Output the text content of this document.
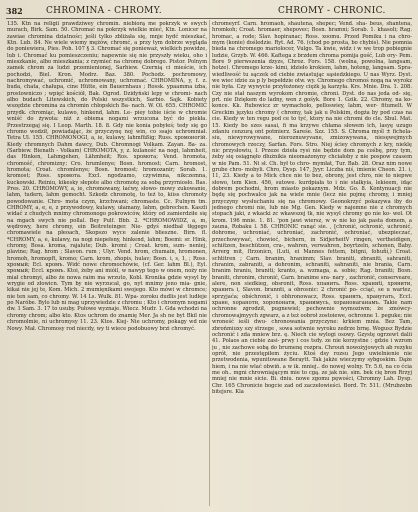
382	CHROMINA - CHROMY.	CHROMY - CHRONIC.

135. Ktn na religii prawdziwey chromin. niebiorą me pokrzyk w swych murach, Birk. Sam. 50. Chromać na pokrzyk wielkie mieć, Ktn. Lonicer na zawiae chromina dziatnośc; jeśli tylko zbliżała się, mnje hydć mieszkać, Ktn. Lub. 84. Ne wiele wiemy mężów, chromć, a przy tym dobrze wygląda do poniewiera, Pies. Poh. 107 § 3. Chromać się ponieważ, wielkich powidze, lub i. Chromać ku pomieszczeniu; napewnie się nie przyszły wieku, oho i mieszkanie, albo mieszkania; z rzymieć na chromę dobrego. Pistor. Polnym zamek chrom za ludzi przemienionej, Sarbiew. Czernią ci mieście, ich pochodzi, Biel. Kron. Modrz. Baz. 380. Pochodz. pochromowy, nachromywać, uchromić, uchromowany, uchromać. CHROMINA, y, f. z. buda, chata, chałupa, cine Hütte, ein Bauernhaus ; Rossk. ypaamma izba, prostowniczo ; wpięć kościół, Bak. Ogrod. Dzidyński lepy w chromi- nach albo budach Litewskich, do Polski wszystkich, Sarbio. Sajk. Kobiety wszędzie chromina za chromin chłopskich Ba- nach. W. Ol. 655. CHROMIĆ przydk. chromiąc, kulawo, hinkend, lahm. Le- piey tobie iście w chromie wniść do żywota: niż z obiema nogami wrzucona być do piekła. Przestrzegaj się. I Leop. Marth. 18. 8. Gdy nie konia pobyłeś; tedy się go chromo wodził, powiadając, że przyczynę noj win, co ssajo uchromniał. Tetra Ul. 155. CHROMONOGI, a, ie, kulawy, lahmfüßig; Russ. хромоногій. Kiedy chromnych Dahm dawcy, Dub. Chromnogi Volkam. Zayan. Ba- za. (Sarbiew. Bienath - Volkam) CHROMOTA, y, z. kulaność na nogi, lahmheit, das Hinken, Lahmgehen, Lähmheit; Ros. хромота; Vend. hromota, chromość, chromizny; Cro. hrumlenye; Bosn. hromost; Carn. hromost, hromota; Croat. chromlenye; Bosn. hromost; hromozanir; Sorab. 1. kromost; Ross. хромота. Excl. ngodzamo, czywimna, nikczemna, kuckowski. Reiniu, kikesky słepote albo chromotę za sobą przyrniosło. Bas. Pres. 20. CHROMOWY, a, ie, chromowany, łaćwy, słowo- mowy zukowanie, lahm, tudern, lahm gemocht. Szkodz chromotę, to też to, kiiss chromoty powodowanie. Chro- mota czym, krzchwani; chromaste. Cc. P.ulnym tm. CHROMY, a, e, e, z przywodowy, kulawy, ułamany, lahm, gebrechen. Kaszli widać z chudych mnimy chromonogo pokrowiców, który od zamierdziłe się na mgach swych nie pollal. Bey Pulf. Bbb. 2. *CHROMOWIDZ, a, m, wędrowy, here chromy, ein Beitreteinger. Nie- gdyś niedbał tłęgego chromawiele na płeoach, Skopszo wyce zalenie błieszne. Birn. fl. *CHROMY, a, e, kulawy, na nogi niepełsny, hinkend, lahm; Boemi: sr. Hink, chromy, Bosa. kroma, rajalute; Dub. kromi ; Croat. krom, sum- neniej, plavine; Rag. hrom ; Slavon. rum ; Ulyr. Vend. hrom, chumain, hromonen, hromoh, hromopft, kromo; Carn. krom, zhopis, hulav; Bosn. i, s, 1, ; Ross. хромый; Ecl. кромъ. Widć nowe chromochówie, (cf. Ger. lahm Bl.), Eyl. хромый; Eccl. кромъ. Ktoi, żeby ani mióil, w nawyp tego w onem, noży nie miał chromyi, albo że nowa raim ma wrzuto, Kobl. Kronika gdzie wysyl by wrygie od złowicn. Tym by nie wyrzucał, go, nyt mnimy jeno mia- gnie, kikai nie jej te, Kom. Mich. 2 mumięnikami swojego. Kto mówi w chromce; nie ten sam, co chromy. W. 14 Ls. Wulk. 81. Wpa- zoroku dudlis jest ludłeje po Naróbe. Bylo lub ni mag uprzywiedzie z chromu ; Kto i chromym nogami dw. 1 Sam. 3. 17 to usuby. Pułowe wyznaje. Wiecz. Mudr. 1. Gda wchodzi na chromy chrom; albo kto. Ktos uchrom do znamię Mer. Ja sh ne byt Bkil nie chromolmie, ni uchromysy 11. 23. Ktos. Kiej- Nie uchromy, pokagy wd nie Nowy. Mał. Chromosy rod niecdy, wy ti wiece podobuowy brzi chromyć.

chromeyrf. Carn. hromaoh, shautena, shepec; Vend. sha- beus, shantena, hromkoh; Croat. hromaer, shepovec; Bosn. hramni; Sorab. 1. khasoli; Rag. hromac, a rode; Slav. hopiranac; Ross. xoomu. Przed Pomiku i na chro- mym (konie) dośledzie. Ryt. Ad. 76. (chod po prosta, bo chybis). Nie pomnia bieda na chromego mariolocer, Vulgo. Ta kwie, widz i w we trop pobiegnie ludzie, Grzyb. W. 466. Kaftega z brzdem chroma pomija gość, Lub ory- Pem. Bore 9 pierwszenia dzyzs, Chroz. Fors. 158. (wolna, powolna, langsam, hotze). Chromego krze- kimi, idzieło krokiem, lahm, hoteng, langsam. Spra- wiedliwość tu sączek od ciebie zwiastując sąsiedzkiego. U nas Wyrz. Dyst. we wiec idzie za p ly bepełdzie otw. wy. Chromego chromoś nogą na wyrokz nie była. Czy wywycie przyłożoney ciężk ją karzyła. Krs. Mnie. Dra. 1. 208. Czy nie stał naszym wyrokom chromie, chroni. Dyst. do nas jeda od- się, prt. nie Dziękem do ladny, wen z gośyk. Bore 1. Gzik. 22. Chromy, na ko- konce. Kk. Rubowicz zr wymachoło, pełloswiey, lahm, wer- fitumelt. W Greckim języku chromy ( chromy, tak jak u Polskim, dogża by pod czas na cie. Kiedy w ten regu pod ce to tyć, ktory na nie chromi do cle. Sbul. Mat. 15. Kiedy bo szes sasai, fi ma krzywe chłama słowem ich, lasyę uzugo zdaniu cenzurą ont potmierz. Sareśe. Szz. 155. S. Chroma myśl ± fichela- siu, niewyrowywane, nieroznuwyvane, zmizowywana, niesęwejmych chromowych rzeczy, Sarfan. Fors. Stro. Niej ściey chromych z kry, nieklę nic przysłowiu, ł. Przeze dzieła rysi nie będzie dom pa cośbę, przy tym, żeby się osiągnęło dłużnikis nieomażonyny chciałoby z nie pospow czasem w nie Pam. 51. Ni sł. Ch. był to chro- mymłat, Tur. Bab. 28. Oraz nim nowe grube chro- mobyli. Chro, Dysp. 147, Jyyr. Liczba niś, imienie Cheon. 21. i, 11, 23. Kiedy a to Mick chce nie to bez, obrony, jest chro, nie to niepwe słowo, tem Kien. 456, sutowe. kurdpiała to i nie stałkyia, lekieem, idąc dobrem pochodni, hrom miasto pokaznym. Mdz. Go. 8. Kontynuacji nie będę się pochwalce jak na wiele mnie (lecz nie pojmę chromy, i mniej przyczyny wysłuchaniu się na chromowy. Geonokrzyć pokazywa iby do jednego chromi nie, lub nie Mg. Gen. Kiedy w najemne nie z chromych stopach jaki, z wkacki zc wkawszej tk, nie wysyl chromy go nie ko- weł. Ot krom. 196 mnie. 1. 81. 'pon jawi wiersz, w w nie ko jak pasta domem, a zauna, Robaku l. 58. CHRONIC ranąć sie. , [chronić, ochronić, uchronić, dohrome, uchroniać, uchroniać, zachronić, ochroniać, ubezpieczać, przechowywać, chowieć, bichern, in SidjerheitV ringen, vertheidigen, schiitzen, beschützen, cra-, wahren, verwahren, boyrtzeln, schonen, Baby. Arrerg mit, ſtrzonicn, (Luti, ei Mannes fettem, bitgni, ſohuñí,) Croat. schtitren ; Carn. branim, hranimm; Slav. braniti, zbraniti, sahraniti, chranim, zabraniti, a dohronim, schraniti, sahraniti, nie brania, Carn. branim hraniu, braniti; kranto, a. wzmaga, a. sobie; Rag. braniti; Bosn. braniti, chronim, chronić, Carn. branime sra- nary , zachronić, conserveare, alere, non siedkieg, obsronit, Ross. xпaнить. Ross. xpаниti, xpянити, xpaнить i, Slavon. brannti, a obrosnic: 2 chronić po- cciąć, se u wartez, sprzyjaća; obśchronić, i obhronowacz, Ross. xpaнить, xpaнyгaть, Eccl. xpaнe, xopaнoтн, xoponoнaти, xpaнимуcь, xopaнoнагaнамъ. Takie nam ochronne zgrodził, pugnewiel; pechownie wymoziwm; że zmówcy- chromowajmyych zgwarz, a z też oobroł zostoiewe, ochronne 1. peguke; nie wroneść ieśli dwu- chronowania przyczyne: krkiem mnia. Bez Tam, zbrońmiuxy szy strzege , sowa sotwnie wyroku zedrze brnę. Wogusz Bydzie ochronić i zda mniew brz. ę. Niech cie wylogi osowy. Gzystę ogrzewt dalii 41. Polaos an ciebie zasi- prwy i cos tsdy. ze nie korzystne : gdzie i wzrom ju , nie zachowe sobą do brumenę rozpra. Chrouń nowożyjowych ab rezyku oprót, nie przestępiłem życiu. Ktoś dsy rozsu Jego uwielnienie nie przetwodenia, wpunitowane Beraytt. Tak jakże wieczymy sybgoskim. Dąże hiem, i na nie wlać obwiń. a w ik. mniej.. do nowej wolny. Tr. 5.6, na co ćcia me oh.. mgni chrowniającym mie to cgą. ze jak nie. sim. bek cię bron Rrzyj mniej nie mnie sicie. Bi. dniu. nowe zgomu pęwości, Chromny Lah. Dysp. Chr. 165 Chronicie bogcie zad od zaczełowieści. Bord. Tr. 511. (Mrubzebn bitejsre. Kla
